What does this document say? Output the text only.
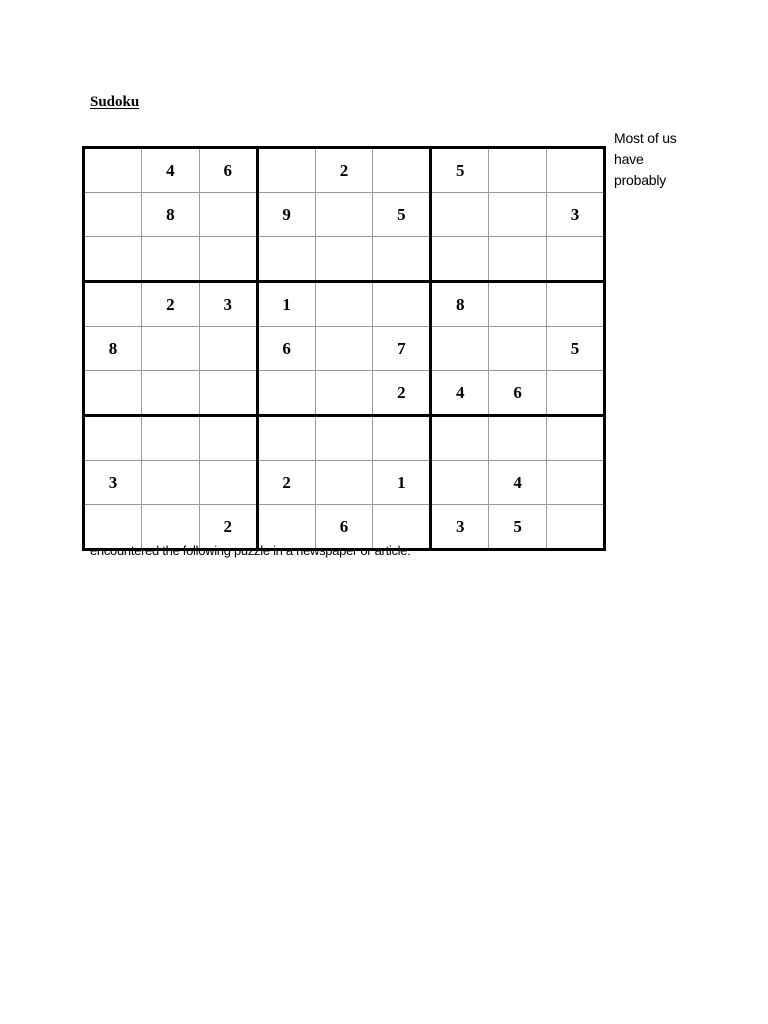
Sudoku
Most of us have probably
	4	6		2		5		
	8		9		5			3

	2	3	1			8		
8			6		7			5
					2	4	6	

3			2		1		4	
		2		6		3	5	
encountered the following puzzle in a newspaper or article:
